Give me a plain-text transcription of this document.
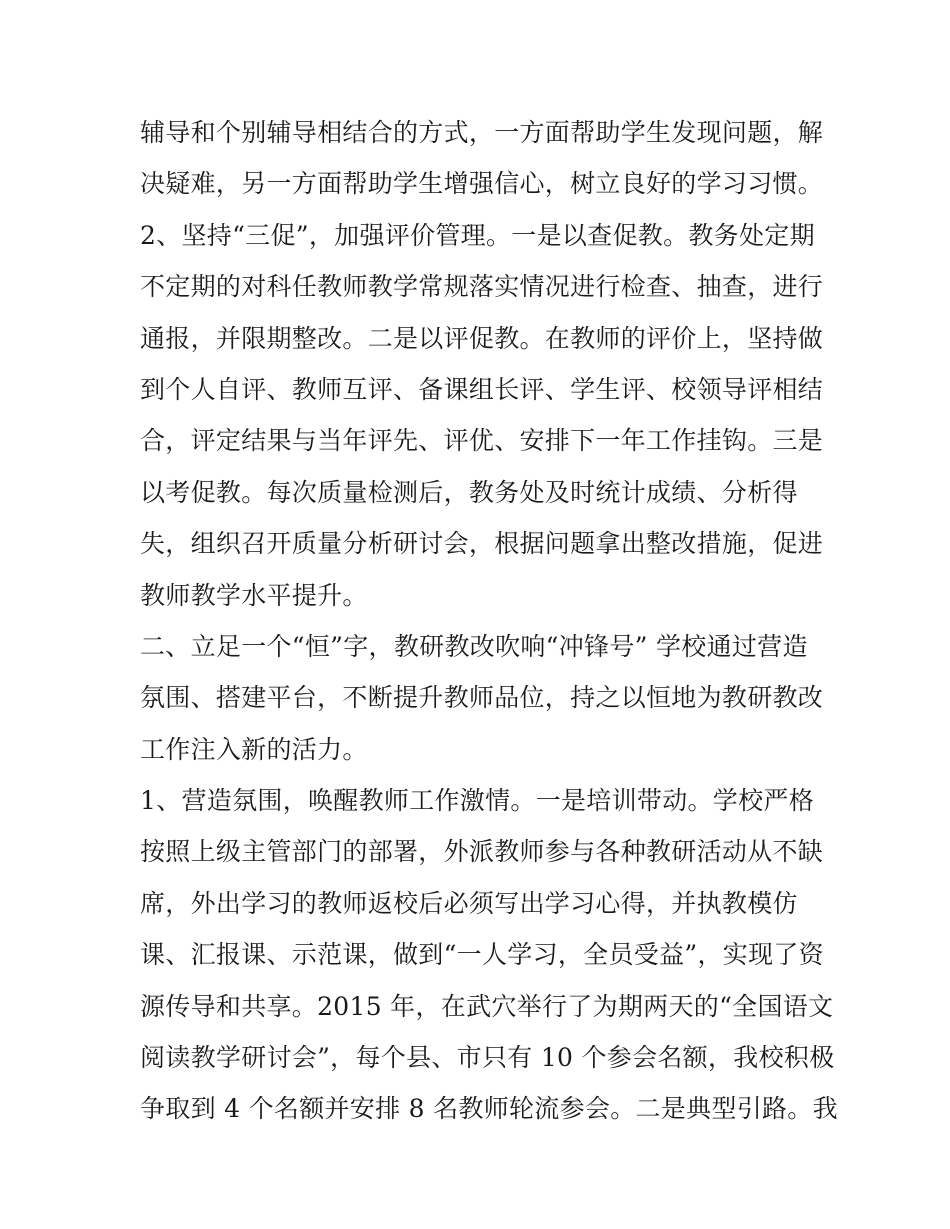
辅导和个别辅导相结合的方式，一方面帮助学生发现问题，解
决疑难，另一方面帮助学生增强信心，树立良好的学习习惯。
2、坚持“三促”，加强评价管理。一是以查促教。教务处定期
不定期的对科任教师教学常规落实情况进行检查、抽查，进行
通报，并限期整改。二是以评促教。在教师的评价上，坚持做
到个人自评、教师互评、备课组长评、学生评、校领导评相结
合，评定结果与当年评先、评优、安排下一年工作挂钩。三是
以考促教。每次质量检测后，教务处及时统计成绩、分析得
失，组织召开质量分析研讨会，根据问题拿出整改措施，促进
教师教学水平提升。
二、立足一个“恒”字，教研教改吹响“冲锋号” 学校通过营造
氛围、搭建平台，不断提升教师品位，持之以恒地为教研教改
工作注入新的活力。
1、营造氛围，唤醒教师工作激情。一是培训带动。学校严格
按照上级主管部门的部署，外派教师参与各种教研活动从不缺
席，外出学习的教师返校后必须写出学习心得，并执教模仿
课、汇报课、示范课，做到“一人学习，全员受益”，实现了资
源传导和共享。2015 年，在武穴举行了为期两天的“全国语文
阅读教学研讨会”，每个县、市只有 10 个参会名额，我校积极
争取到 4 个名额并安排 8 名教师轮流参会。二是典型引路。我
